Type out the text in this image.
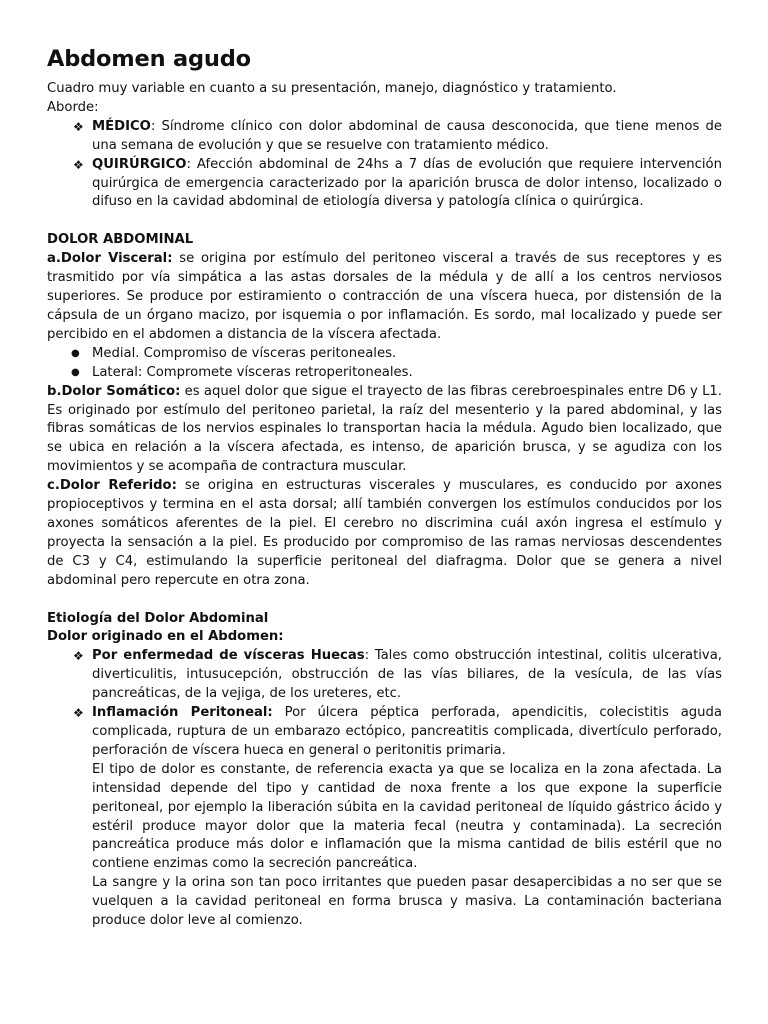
Abdomen agudo

Cuadro muy variable en cuanto a su presentación, manejo, diagnóstico y tratamiento.

Aborde:

❖ MÉDICO: Síndrome clínico con dolor abdominal de causa desconocida, que tiene menos de una semana de evolución y que se resuelve con tratamiento médico.
❖ QUIRÚRGICO: Afección abdominal de 24hs a 7 días de evolución que requiere intervención quirúrgica de emergencia caracterizado por la aparición brusca de dolor intenso, localizado o difuso en la cavidad abdominal de etiología diversa y patología clínica o quirúrgica.

DOLOR ABDOMINAL

a.Dolor Visceral: se origina por estímulo del peritoneo visceral a través de sus receptores y es trasmitido por vía simpática a las astas dorsales de la médula y de allí a los centros nerviosos superiores. Se produce por estiramiento o contracción de una víscera hueca, por distensión de la cápsula de un órgano macizo, por isquemia o por inflamación. Es sordo, mal localizado y puede ser percibido en el abdomen a distancia de la víscera afectada.

● Medial. Compromiso de vísceras peritoneales.
● Lateral: Compromete vísceras retroperitoneales.

b.Dolor Somático: es aquel dolor que sigue el trayecto de las fibras cerebroespinales entre D6 y L1. Es originado por estímulo del peritoneo parietal, la raíz del mesenterio y la pared abdominal, y las fibras somáticas de los nervios espinales lo transportan hacia la médula. Agudo bien localizado, que se ubica en relación a la víscera afectada, es intenso, de aparición brusca, y se agudiza con los movimientos y se acompaña de contractura muscular.

c.Dolor Referido: se origina en estructuras viscerales y musculares, es conducido por axones propioceptivos y termina en el asta dorsal; allí también convergen los estímulos conducidos por los axones somáticos aferentes de la piel. El cerebro no discrimina cuál axón ingresa el estímulo y proyecta la sensación a la piel. Es producido por compromiso de las ramas nerviosas descendentes de C3 y C4, estimulando la superficie peritoneal del diafragma. Dolor que se genera a nivel abdominal pero repercute en otra zona.

Etiología del Dolor Abdominal

Dolor originado en el Abdomen:

❖ Por enfermedad de vísceras Huecas: Tales como obstrucción intestinal, colitis ulcerativa, diverticulitis, intusucepción, obstrucción de las vías biliares, de la vesícula, de las vías pancreáticas, de la vejiga, de los ureteres, etc.
❖ Inflamación Peritoneal: Por úlcera péptica perforada, apendicitis, colecistitis aguda complicada, ruptura de un embarazo ectópico, pancreatitis complicada, divertículo perforado, perforación de víscera hueca en general o peritonitis primaria.

El tipo de dolor es constante, de referencia exacta ya que se localiza en la zona afectada. La intensidad depende del tipo y cantidad de noxa frente a los que expone la superficie peritoneal, por ejemplo la liberación súbita en la cavidad peritoneal de líquido gástrico ácido y estéril produce mayor dolor que la materia fecal (neutra y contaminada). La secreción pancreática produce más dolor e inflamación que la misma cantidad de bilis estéril que no contiene enzimas como la secreción pancreática.

La sangre y la orina son tan poco irritantes que pueden pasar desapercibidas a no ser que se vuelquen a la cavidad peritoneal en forma brusca y masiva. La contaminación bacteriana produce dolor leve al comienzo.
